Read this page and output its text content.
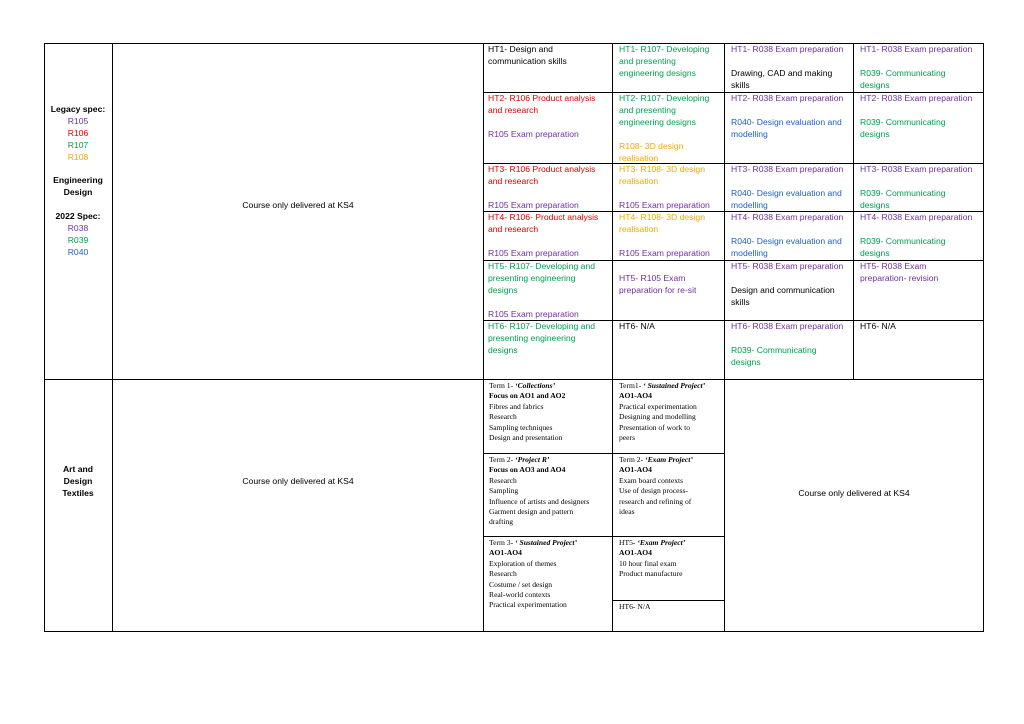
Legacy spec:
R105
R106
R107
R108
Engineering
Design
2022 Spec:
R038
R039
R040
Course only delivered at KS4
HT1- Design and
communication skills
HT1- R107- Developing
and presenting
engineering designs
HT1- R038 Exam preparation
Drawing, CAD and making
skills
HT1- R038 Exam preparation
R039- Communicating
designs
HT2- R106 Product analysis
and research
R105 Exam preparation
HT2- R107- Developing
and presenting
engineering designs
R108- 3D design
realisation
HT2- R038 Exam preparation
R040- Design evaluation and
modelling
HT2- R038 Exam preparation
R039- Communicating
designs
HT3- R106 Product analysis
and research
R105 Exam preparation
HT3- R108- 3D design
realisation
R105 Exam preparation
HT3- R038 Exam preparation
R040- Design evaluation and
modelling
HT3- R038 Exam preparation
R039- Communicating
designs
HT4- R106- Product analysis
and research
R105 Exam preparation
HT4- R108- 3D design
realisation
R105 Exam preparation
HT4- R038 Exam preparation
R040- Design evaluation and
modelling
HT4- R038 Exam preparation
R039- Communicating
designs
HT5- R107- Developing and
presenting engineering
designs
R105 Exam preparation
HT5- R105 Exam
preparation for re-sit
HT5- R038 Exam preparation
Design and communication
skills
HT5- R038 Exam
preparation- revision
HT6- R107- Developing and
presenting engineering
designs
HT6- N/A	HT6- R038 Exam preparation
R039- Communicating
designs
HT6- N/A
Art and
Design
Textiles
Course only delivered at KS4
Course only delivered at KS4
Term 1- ‘Collections’
Focus on AO1 and AO2
Fibres and fabrics
Research
Sampling techniques
Design and presentation
Term 2- ‘Project R’
Focus on AO3 and AO4
Research
Sampling
Influence of artists and designers
Garment design and pattern
drafting
Term 3- ‘ Sustained Project’
AO1-AO4
Exploration of themes
Research
Costume / set design
Real-world contexts
Practical experimentation
Term1- ‘ Sustained Project’
AO1-AO4
Practical experimentation
Designing and modelling
Presentation of work to
peers
Term 2- ‘Exam Project’
AO1-AO4
Exam board contexts
Use of design process-
research and refining of
ideas
HT5- ‘Exam Project’
AO1-AO4
10 hour final exam
Product manufacture
HT6- N/A
